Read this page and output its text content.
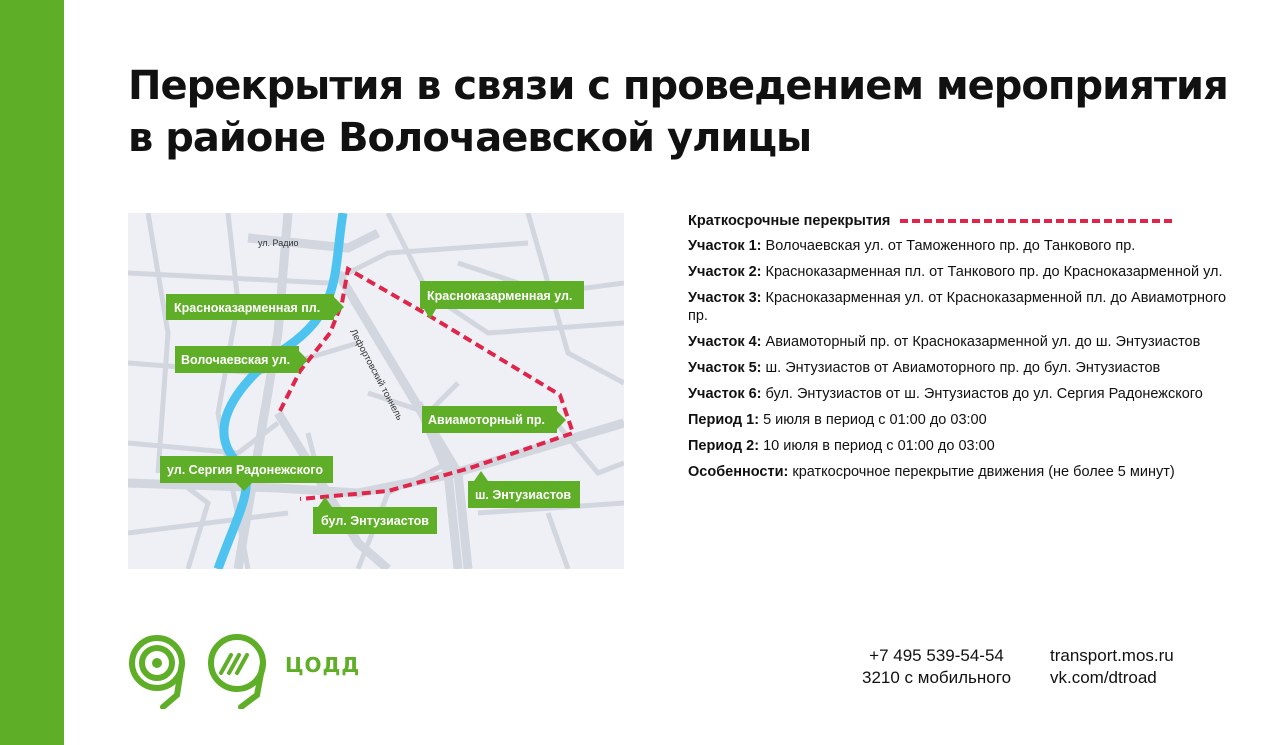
Перекрытия в связи с проведением мероприятия
в районе Волочаевской улицы
ул. Радио
Лефортовский тоннель
Красноказарменная пл.
Красноказарменная ул.
Волочаевская ул.
Авиамоторный пр.
ул. Сергия Радонежского
ш. Энтузиастов
бул. Энтузиастов
Краткосрочные перекрытия
Участок 1: Волочаевская ул. от Таможенного пр. до Танкового пр.
Участок 2: Красноказарменная пл. от Танкового пр. до Красноказарменной ул.
Участок 3: Красноказарменная ул. от Красноказарменной пл. до Авиамотрного пр.
Участок 4: Авиамоторный пр. от Красноказарменной ул. до ш. Энтузиастов
Участок 5: ш. Энтузиастов от Авиамоторного пр. до бул. Энтузиастов
Участок 6: бул. Энтузиастов от ш. Энтузиастов до ул. Сергия Радонежского
Период 1: 5 июля в период с 01:00 до 03:00
Период 2: 10 июля в период с 01:00 до 03:00
Особенности: краткосрочное перекрытие движения (не более 5 минут)
ЦОДД	+7 495 539-54-54
3210 с мобильного
transport.mos.ru
vk.com/dtroad
